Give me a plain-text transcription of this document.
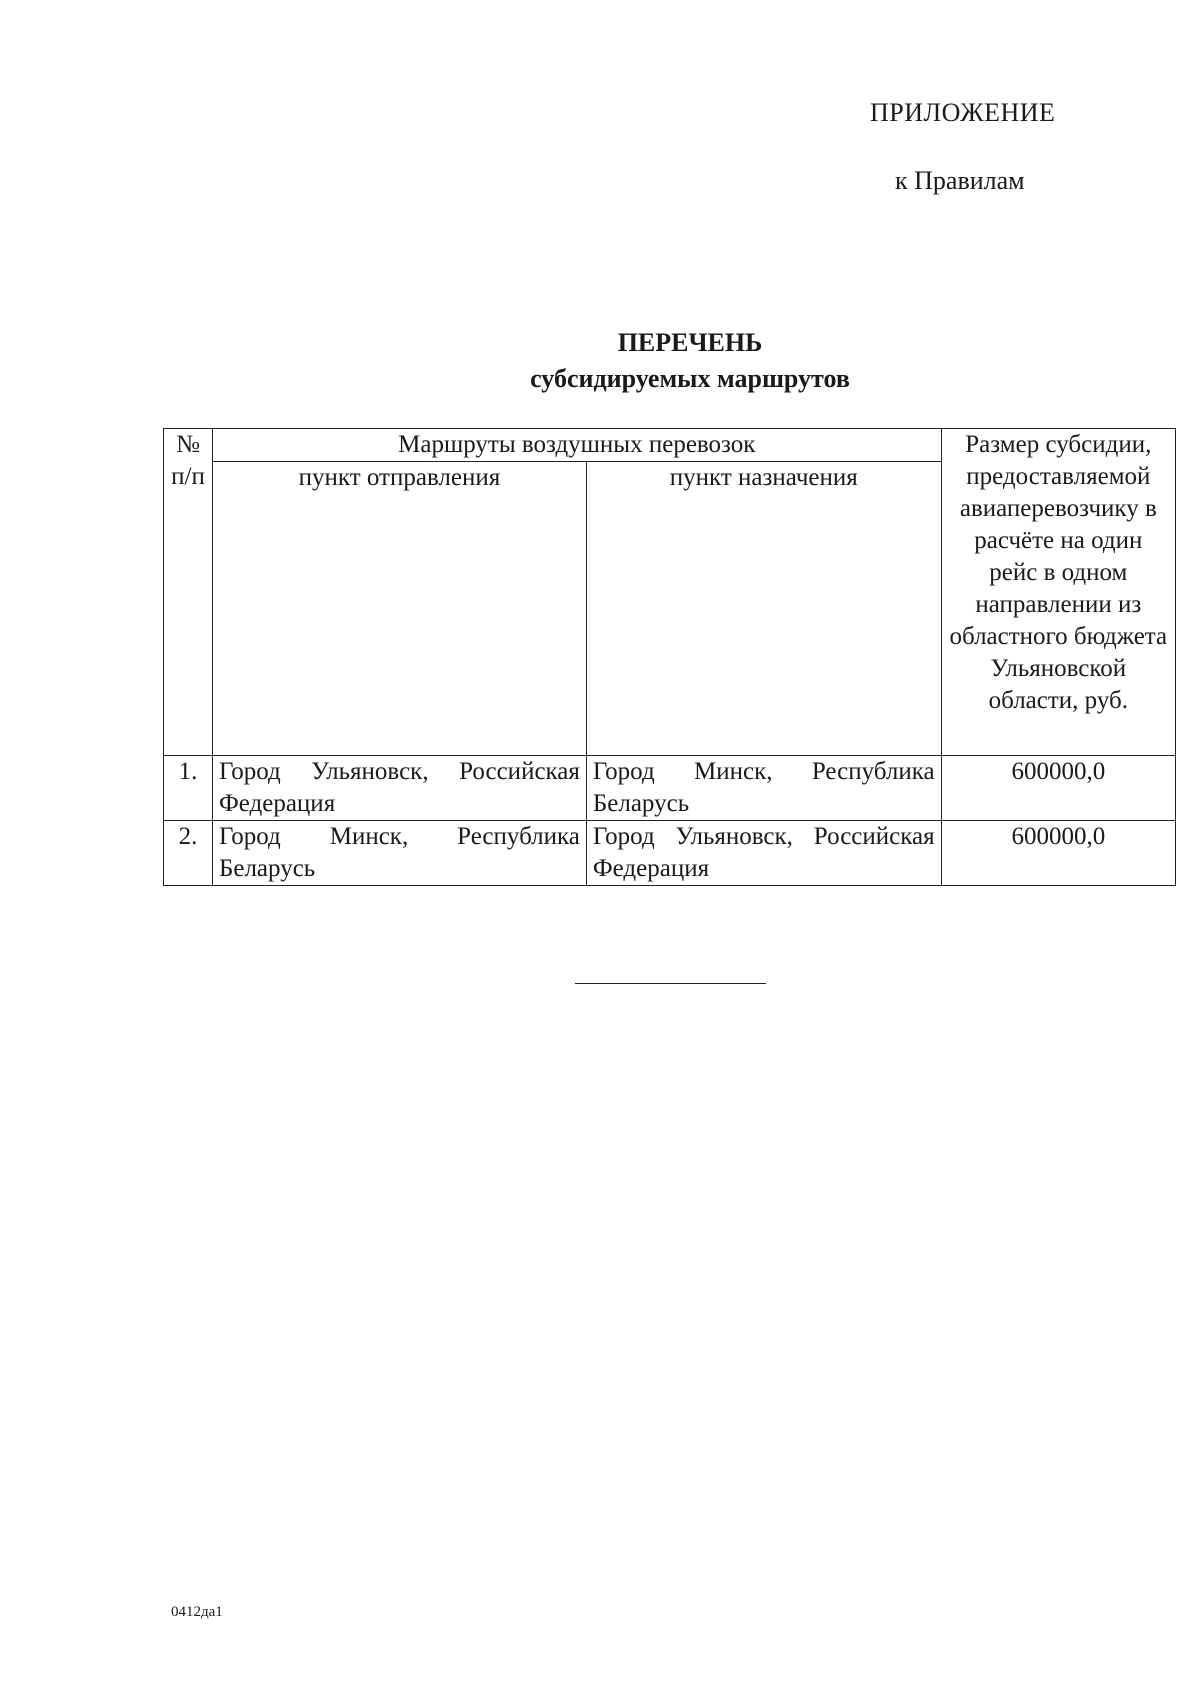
ПРИЛОЖЕНИЕ
к Правилам
ПЕРЕЧЕНЬ
субсидируемых маршрутов
№ п/п	Маршруты воздушных перевозок		Размер субсидии, предоставляемой авиаперевозчику в расчёте на один рейс в одном направлении из областного бюджета Ульяновской области, руб.
	пункт отправления	пункт назначения	
1.	Город Ульяновск, Российская Федерация	Город Минск, Республика Беларусь	600000,0
2.	Город Минск, Республика Беларусь	Город Ульяновск, Российская Федерация	600000,0
0412да1
